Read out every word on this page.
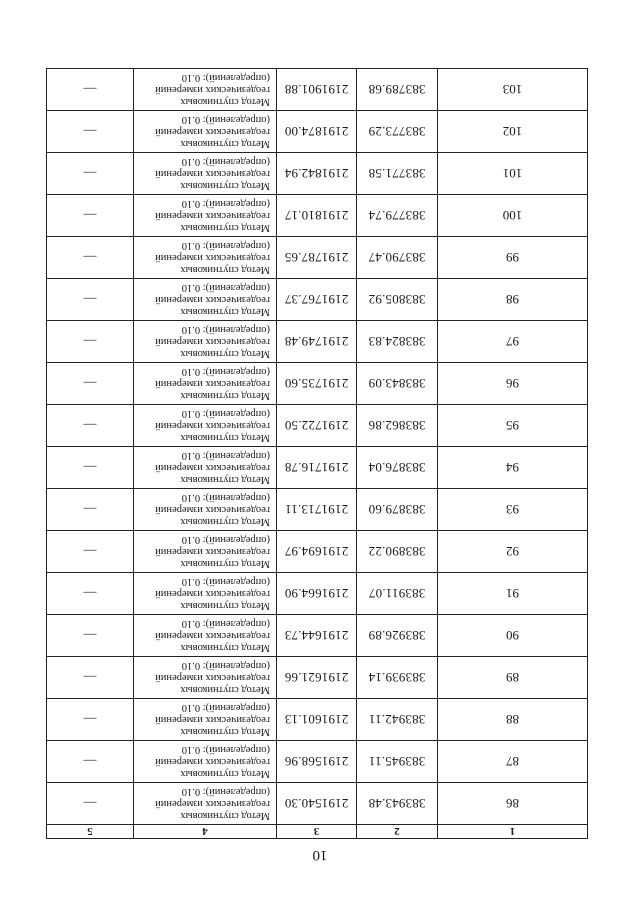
10
1	2	3	4	5
86	383943.48	2191540.30	Метод спутниковых
геодезических измерений
(определений): 0.10	—
87	383945.11	2191568.96	Метод спутниковых
геодезических измерений
(определений): 0.10	—
88	383942.11	2191601.13	Метод спутниковых
геодезических измерений
(определений): 0.10	—
89	383939.14	2191621.66	Метод спутниковых
геодезических измерений
(определений): 0.10	—
90	383926.89	2191644.73	Метод спутниковых
геодезических измерений
(определений): 0.10	—
91	383911.07	2191664.90	Метод спутниковых
геодезических измерений
(определений): 0.10	—
92	383890.22	2191694.97	Метод спутниковых
геодезических измерений
(определений): 0.10	—
93	383879.60	2191713.11	Метод спутниковых
геодезических измерений
(определений): 0.10	—
94	383876.04	2191716.78	Метод спутниковых
геодезических измерений
(определений): 0.10	—
95	383862.86	2191722.50	Метод спутниковых
геодезических измерений
(определений): 0.10	—
96	383843.09	2191735.60	Метод спутниковых
геодезических измерений
(определений): 0.10	—
97	383824.83	2191749.48	Метод спутниковых
геодезических измерений
(определений): 0.10	—
98	383805.92	2191767.37	Метод спутниковых
геодезических измерений
(определений): 0.10	—
99	383790.47	2191787.65	Метод спутниковых
геодезических измерений
(определений): 0.10	—
100	383779.74	2191810.17	Метод спутниковых
геодезических измерений
(определений): 0.10	—
101	383771.58	2191842.94	Метод спутниковых
геодезических измерений
(определений): 0.10	—
102	383773.29	2191874.00	Метод спутниковых
геодезических измерений
(определений): 0.10	—
103	383789.68	2191901.88	Метод спутниковых
геодезических измерений
(определений): 0.10	—
